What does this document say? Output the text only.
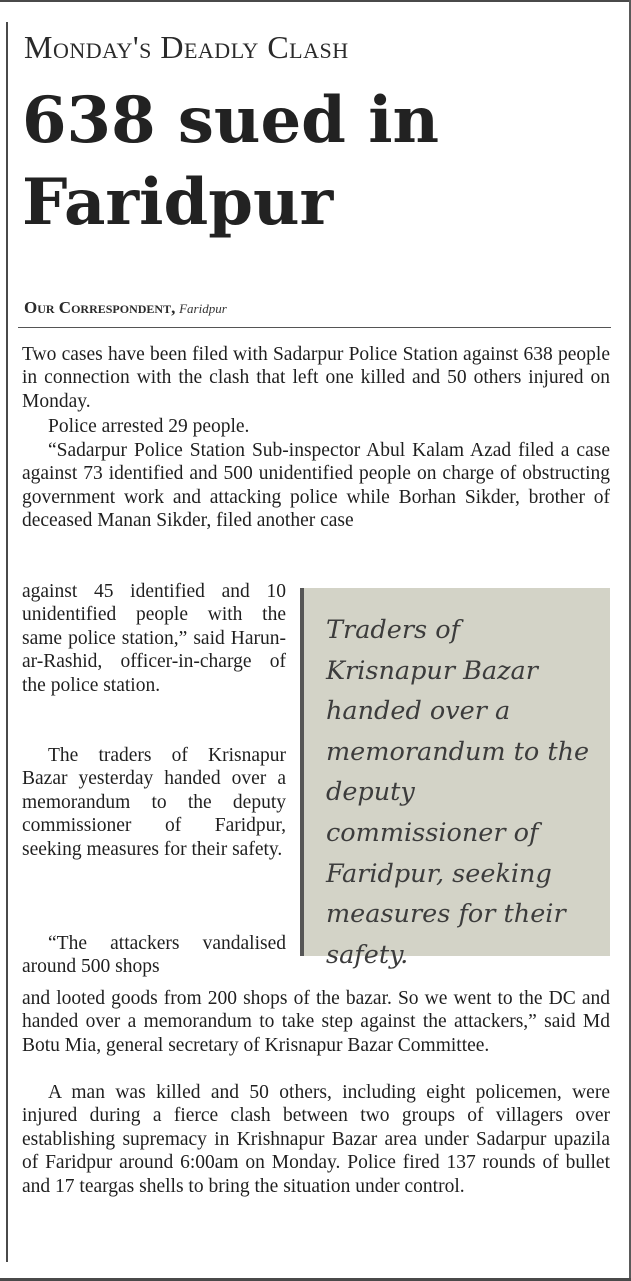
Monday's Deadly Clash
638 sued in Faridpur
Our Correspondent, Faridpur

Two cases have been filed with Sadarpur Police Station against 638 people in connection with the clash that left one killed and 50 others injured on Monday.

Police arrested 29 people.

“Sadarpur Police Station Sub-inspector Abul Kalam Azad filed a case against 73 identified and 500 unidentified people on charge of obstructing government work and attacking police while Borhan Sikder, brother of deceased Manan Sikder, filed another case

against 45 identified and 10 unidentified people with the same police station,” said Harun-ar-Rashid, officer-in-charge of the police station.

The traders of Krisnapur Bazar yesterday handed over a memorandum to the deputy commissioner of Faridpur, seeking measures for their safety.

“The attackers vandalised around 500 shops

and looted goods from 200 shops of the bazar. So we went to the DC and handed over a memorandum to take step against the attackers,” said Md Botu Mia, general secretary of Krisnapur Bazar Committee.

A man was killed and 50 others, including eight policemen, were injured during a fierce clash between two groups of villagers over establishing supremacy in Krishnapur Bazar area under Sadarpur upazila of Faridpur around 6:00am on Monday. Police fired 137 rounds of bullet and 17 teargas shells to bring the situation under control.

Traders of Krisnapur Bazar handed over a memorandum to the deputy commissioner of Faridpur, seeking measures for their safety.
